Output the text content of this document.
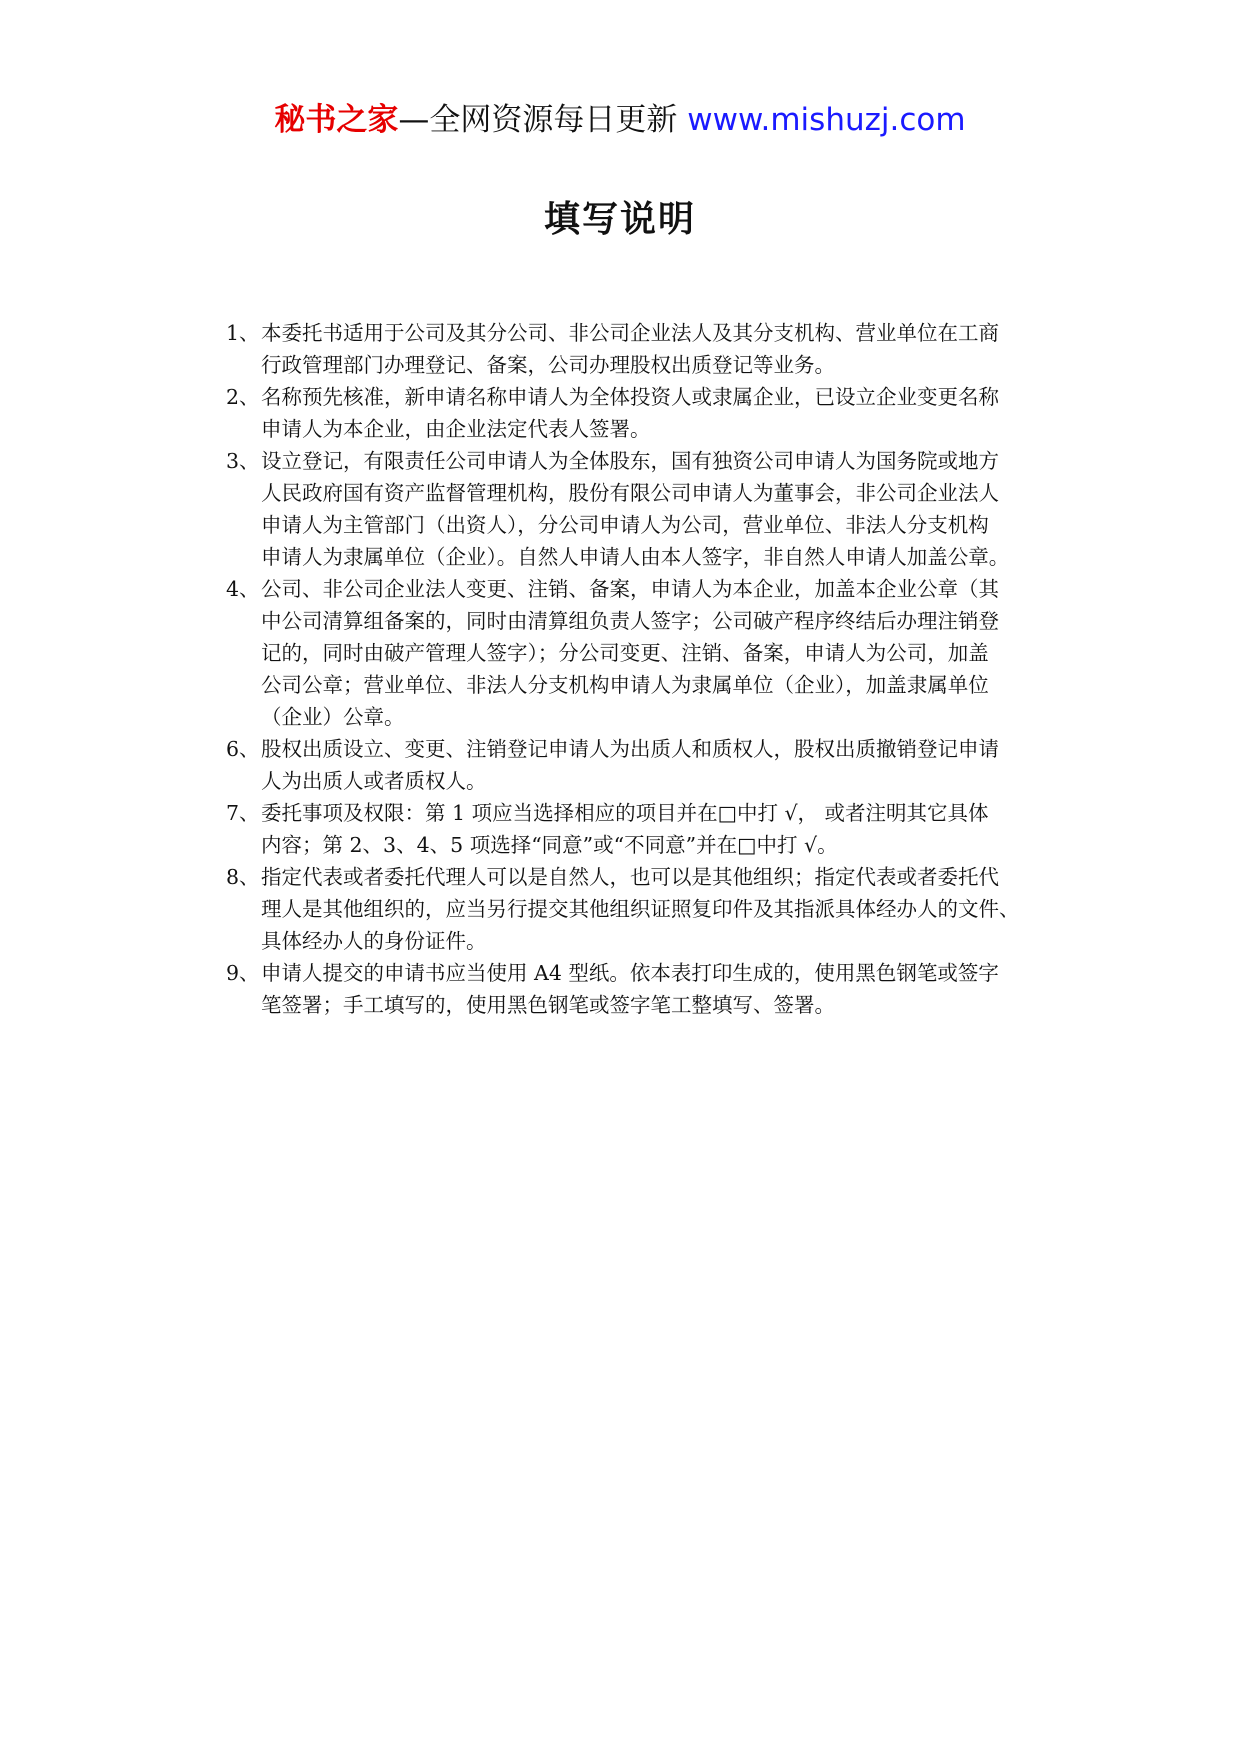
秘书之家—全网资源每日更新 www.mishuzj.com
填写说明
1、 本委托书适用于公司及其分公司、非公司企业法人及其分支机构、营业单位在工商
行政管理部门办理登记、备案，公司办理股权出质登记等业务。
2、 名称预先核准，新申请名称申请人为全体投资人或隶属企业，已设立企业变更名称
申请人为本企业，由企业法定代表人签署。
3、 设立登记，有限责任公司申请人为全体股东，国有独资公司申请人为国务院或地方
人民政府国有资产监督管理机构，股份有限公司申请人为董事会，非公司企业法人
申请人为主管部门（出资人），分公司申请人为公司，营业单位、非法人分支机构
申请人为隶属单位（企业）。自然人申请人由本人签字，非自然人申请人加盖公章。
4、 公司、非公司企业法人变更、注销、备案，申请人为本企业，加盖本企业公章（其
中公司清算组备案的，同时由清算组负责人签字；公司破产程序终结后办理注销登
记的，同时由破产管理人签字）；分公司变更、注销、备案，申请人为公司，加盖
公司公章；营业单位、非法人分支机构申请人为隶属单位（企业），加盖隶属单位
（企业）公章。
6、 股权出质设立、变更、注销登记申请人为出质人和质权人，股权出质撤销登记申请
人为出质人或者质权人。
7、 委托事项及权限：第 1 项应当选择相应的项目并在□中打 √， 或者注明其它具体
内容；第 2、3、4、5 项选择“同意”或“不同意”并在□中打 √。
8、 指定代表或者委托代理人可以是自然人，也可以是其他组织；指定代表或者委托代
理人是其他组织的，应当另行提交其他组织证照复印件及其指派具体经办人的文件、
具体经办人的身份证件。
9、 申请人提交的申请书应当使用 A4 型纸。依本表打印生成的，使用黑色钢笔或签字
笔签署；手工填写的，使用黑色钢笔或签字笔工整填写、签署。
